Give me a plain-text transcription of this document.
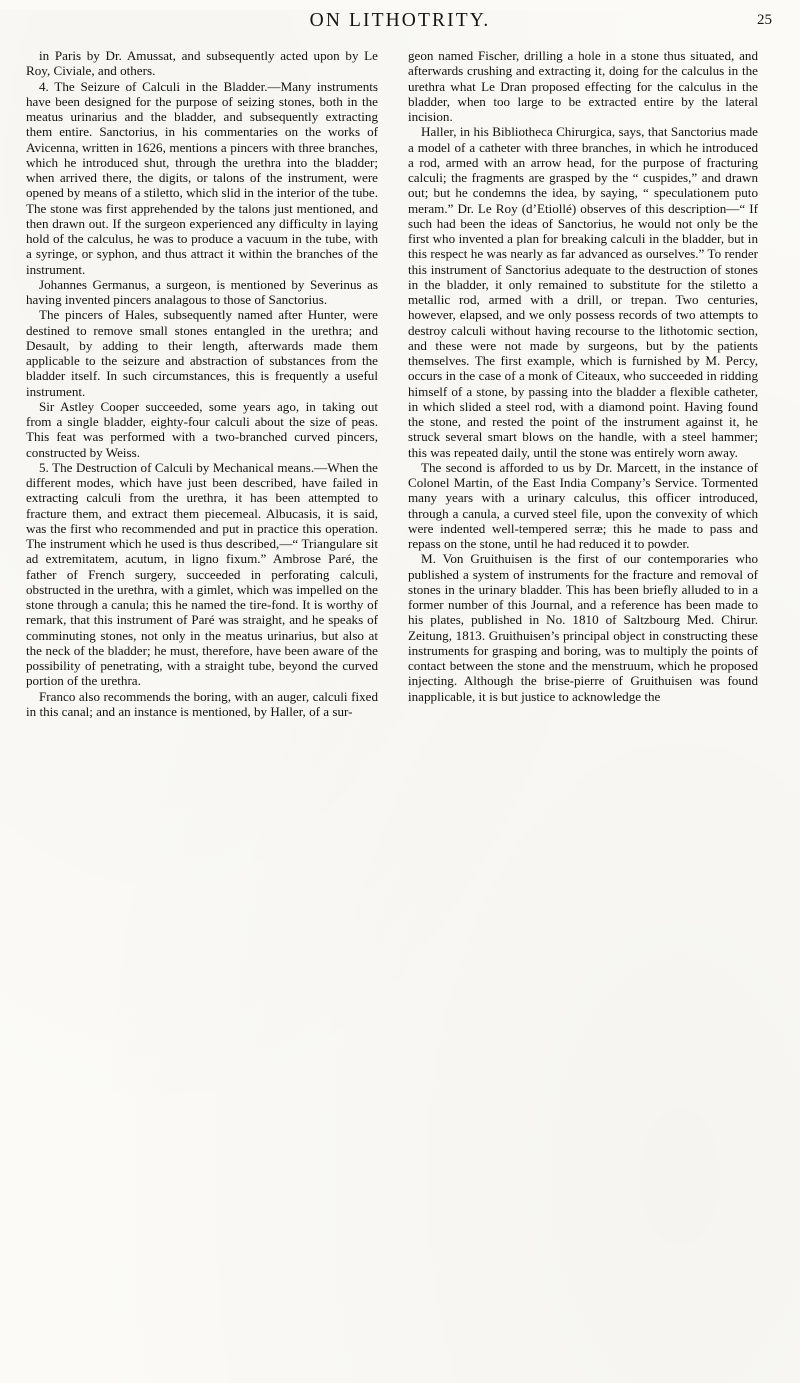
ON LITHOTRITY.	25

in Paris by Dr. Amussat, and subsequently acted upon by Le Roy, Civiale, and others.

4. The Seizure of Calculi in the Bladder.—Many instruments have been designed for the purpose of seizing stones, both in the meatus urinarius and the bladder, and subsequently extracting them entire. Sanctorius, in his commentaries on the works of Avicenna, written in 1626, mentions a pincers with three branches, which he introduced shut, through the urethra into the bladder; when arrived there, the digits, or talons of the instrument, were opened by means of a stiletto, which slid in the interior of the tube. The stone was first apprehended by the talons just mentioned, and then drawn out. If the surgeon experienced any difficulty in laying hold of the calculus, he was to produce a vacuum in the tube, with a syringe, or syphon, and thus attract it within the branches of the instrument.

Johannes Germanus, a surgeon, is mentioned by Severinus as having invented pincers analagous to those of Sanctorius.

The pincers of Hales, subsequently named after Hunter, were destined to remove small stones entangled in the urethra; and Desault, by adding to their length, afterwards made them applicable to the seizure and abstraction of substances from the bladder itself. In such circumstances, this is frequently a useful instrument.

Sir Astley Cooper succeeded, some years ago, in taking out from a single bladder, eighty-four calculi about the size of peas. This feat was performed with a two-branched curved pincers, constructed by Weiss.

5. The Destruction of Calculi by Mechanical means.—When the different modes, which have just been described, have failed in extracting calculi from the urethra, it has been attempted to fracture them, and extract them piecemeal. Albucasis, it is said, was the first who recommended and put in practice this operation. The instrument which he used is thus described,—“ Triangulare sit ad extremitatem, acutum, in ligno fixum.” Ambrose Paré, the father of French surgery, succeeded in perforating calculi, obstructed in the urethra, with a gimlet, which was impelled on the stone through a canula; this he named the tire-fond. It is worthy of remark, that this instrument of Paré was straight, and he speaks of comminuting stones, not only in the meatus urinarius, but also at the neck of the bladder; he must, therefore, have been aware of the possibility of penetrating, with a straight tube, beyond the curved portion of the urethra.

Franco also recommends the boring, with an auger, calculi fixed in this canal; and an instance is mentioned, by Haller, of a sur-

geon named Fischer, drilling a hole in a stone thus situated, and afterwards crushing and extracting it, doing for the calculus in the urethra what Le Dran proposed effecting for the calculus in the bladder, when too large to be extracted entire by the lateral incision.

Haller, in his Bibliotheca Chirurgica, says, that Sanctorius made a model of a catheter with three branches, in which he introduced a rod, armed with an arrow head, for the purpose of fracturing calculi; the fragments are grasped by the “ cuspides,” and drawn out; but he condemns the idea, by saying, “ speculationem puto meram.” Dr. Le Roy (d’Etiollé) observes of this description—“ If such had been the ideas of Sanctorius, he would not only be the first who invented a plan for breaking calculi in the bladder, but in this respect he was nearly as far advanced as ourselves.” To render this instrument of Sanctorius adequate to the destruction of stones in the bladder, it only remained to substitute for the stiletto a metallic rod, armed with a drill, or trepan. Two centuries, however, elapsed, and we only possess records of two attempts to destroy calculi without having recourse to the lithotomic section, and these were not made by surgeons, but by the patients themselves. The first example, which is furnished by M. Percy, occurs in the case of a monk of Citeaux, who succeeded in ridding himself of a stone, by passing into the bladder a flexible catheter, in which slided a steel rod, with a diamond point. Having found the stone, and rested the point of the instrument against it, he struck several smart blows on the handle, with a steel hammer; this was repeated daily, until the stone was entirely worn away.

The second is afforded to us by Dr. Marcett, in the instance of Colonel Martin, of the East India Company’s Service. Tormented many years with a urinary calculus, this officer introduced, through a canula, a curved steel file, upon the convexity of which were indented well-tempered serræ; this he made to pass and repass on the stone, until he had reduced it to powder.

M. Von Gruithuisen is the first of our contemporaries who published a system of instruments for the fracture and removal of stones in the urinary bladder. This has been briefly alluded to in a former number of this Journal, and a reference has been made to his plates, published in No. 1810 of Saltzbourg Med. Chirur. Zeitung, 1813. Gruithuisen’s principal object in constructing these instruments for grasping and boring, was to multiply the points of contact between the stone and the menstruum, which he proposed injecting. Although the brise-pierre of Gruithuisen was found inapplicable, it is but justice to acknowledge the
